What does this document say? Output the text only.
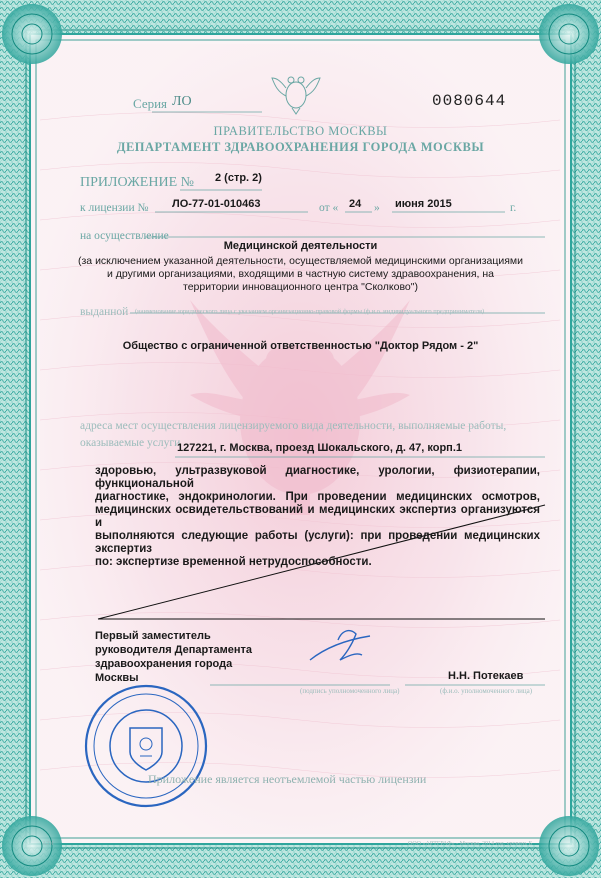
Серия ЛО	0080644

ПРАВИТЕЛЬСТВО МОСКВЫ

ДЕПАРТАМЕНТ ЗДРАВООХРАНЕНИЯ ГОРОДА МОСКВЫ

ПРИЛОЖЕНИЕ № 2 (стр. 2)

к лицензии № ЛО-77-01-010463	от « 24 » июня 2015	г.

на осуществление

Медицинской деятельности

(за исключением указанной деятельности, осуществляемой медицинскими организациями

и другими организациями, входящими в частную систему здравоохранения, на

территории инновационного центра "Сколково")

выданной (наименование юридического лица с указанием организационно-правовой формы (ф.и.о. индивидуального предпринимателя)

Общество с ограниченной ответственностью "Доктор Рядом - 2"

адреса мест осуществления лицензируемого вида деятельности, выполняемые работы,

оказываемые услуги

127221, г. Москва, проезд Шокальского, д. 47, корп.1

здоровью, ультразвуковой диагностике, урологии, физиотерапии, функциональной
диагностике, эндокринологии. При проведении медицинских осмотров,
медицинских освидетельствований и медицинских экспертиз организуются и
выполняются следующие работы (услуги): при проведении медицинских экспертиз
по: экспертизе временной нетрудоспособности.

Первый заместитель

руководителя Департамента

здравоохранения города

Москвы	Н.Н. Потекаев

(подпись уполномоченного лица)	(ф.и.о. уполномоченного лица)

Приложение является неотъемлемой частью лицензии

А2И	ООО «АРТГРАФ» - Москва, 2014 год, уровень Б
